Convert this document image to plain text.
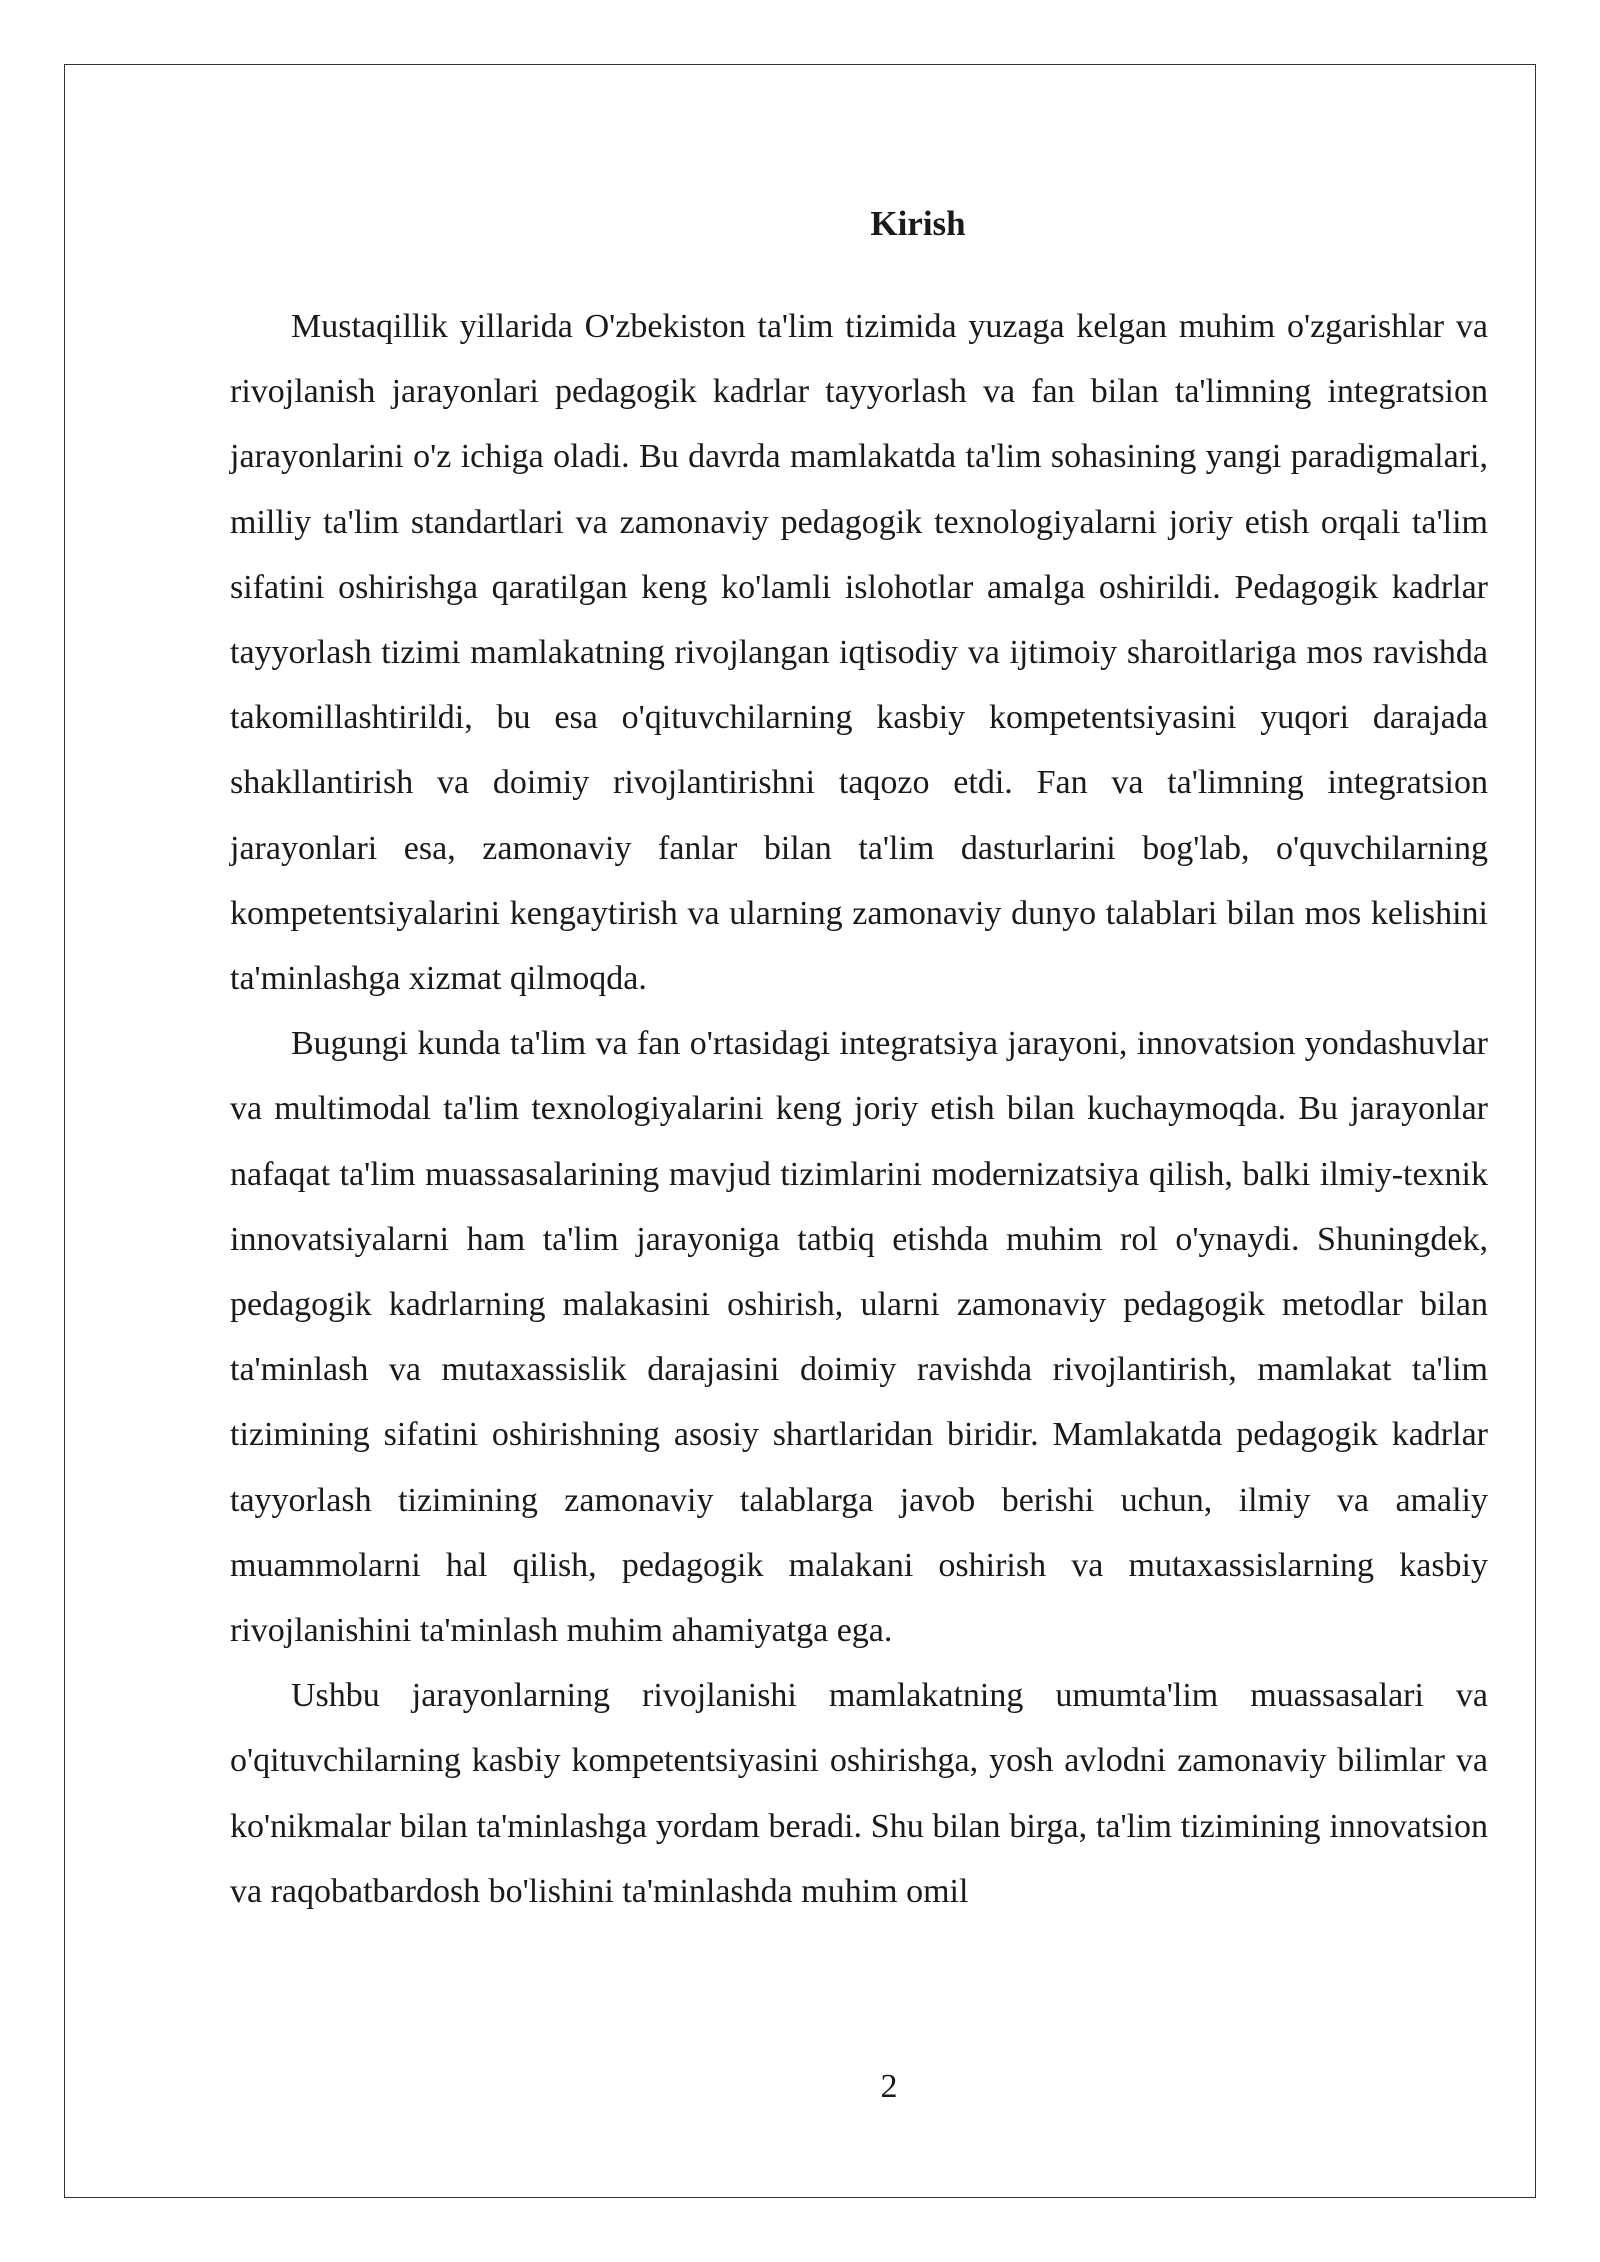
Kirish

Mustaqillik yillarida O'zbekiston ta'lim tizimida yuzaga kelgan muhim o'zgarishlar va rivojlanish jarayonlari pedagogik kadrlar tayyorlash va fan bilan ta'limning integratsion jarayonlarini o'z ichiga oladi. Bu davrda mamlakatda ta'lim sohasining yangi paradigmalari, milliy ta'lim standartlari va zamonaviy pedagogik texnologiyalarni joriy etish orqali ta'lim sifatini oshirishga qaratilgan keng ko'lamli islohotlar amalga oshirildi. Pedagogik kadrlar tayyorlash tizimi mamlakatning rivojlangan iqtisodiy va ijtimoiy sharoitlariga mos ravishda takomillashtirildi, bu esa o'qituvchilarning kasbiy kompetentsiyasini yuqori darajada shakllantirish va doimiy rivojlantirishni taqozo etdi. Fan va ta'limning integratsion jarayonlari esa, zamonaviy fanlar bilan ta'lim dasturlarini bog'lab, o'quvchilarning kompetentsiyalarini kengaytirish va ularning zamonaviy dunyo talablari bilan mos kelishini ta'minlashga xizmat qilmoqda.

Bugungi kunda ta'lim va fan o'rtasidagi integratsiya jarayoni, innovatsion yondashuvlar va multimodal ta'lim texnologiyalarini keng joriy etish bilan kuchaymoqda. Bu jarayonlar nafaqat ta'lim muassasalarining mavjud tizimlarini modernizatsiya qilish, balki ilmiy-texnik innovatsiyalarni ham ta'lim jarayoniga tatbiq etishda muhim rol o'ynaydi. Shuningdek, pedagogik kadrlarning malakasini oshirish, ularni zamonaviy pedagogik metodlar bilan ta'minlash va mutaxassislik darajasini doimiy ravishda rivojlantirish, mamlakat ta'lim tizimining sifatini oshirishning asosiy shartlaridan biridir. Mamlakatda pedagogik kadrlar tayyorlash tizimining zamonaviy talablarga javob berishi uchun, ilmiy va amaliy muammolarni hal qilish, pedagogik malakani oshirish va mutaxassislarning kasbiy rivojlanishini ta'minlash muhim ahamiyatga ega.

Ushbu jarayonlarning rivojlanishi mamlakatning umumta'lim muassasalari va o'qituvchilarning kasbiy kompetentsiyasini oshirishga, yosh avlodni zamonaviy bilimlar va ko'nikmalar bilan ta'minlashga yordam beradi. Shu bilan birga, ta'lim tizimining innovatsion va raqobatbardosh bo'lishini ta'minlashda muhim omil

2
